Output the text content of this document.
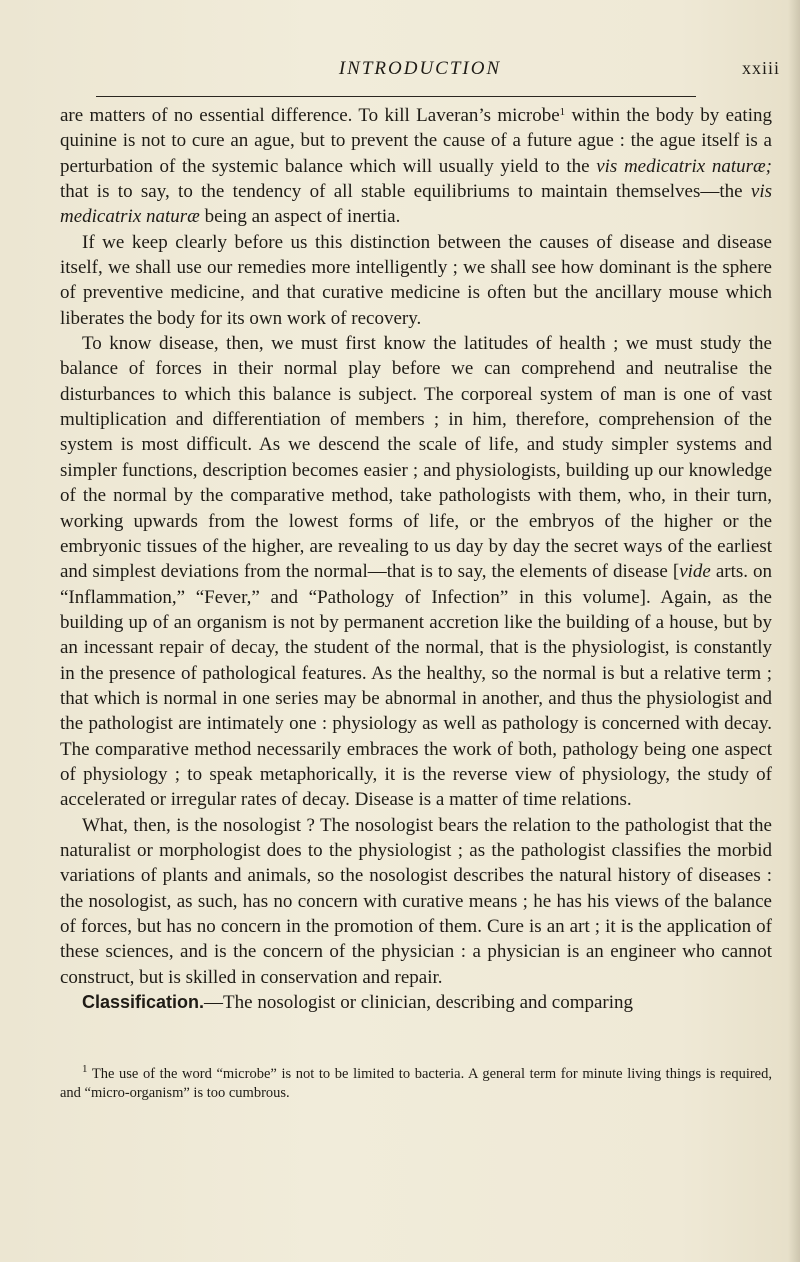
INTRODUCTION	xxiii

are matters of no essential difference. To kill Laveran’s microbe$^1$ within the body by eating quinine is not to cure an ague, but to prevent the cause of a future ague : the ague itself is a perturbation of the systemic balance which will usually yield to the vis medicatrix naturæ; that is to say, to the tendency of all stable equilibriums to maintain themselves—the vis medicatrix naturæ being an aspect of inertia.

If we keep clearly before us this distinction between the causes of disease and disease itself, we shall use our remedies more intelligently ; we shall see how dominant is the sphere of preventive medicine, and that curative medicine is often but the ancillary mouse which liberates the body for its own work of recovery.

To know disease, then, we must first know the latitudes of health ; we must study the balance of forces in their normal play before we can comprehend and neutralise the disturbances to which this balance is subject. The corporeal system of man is one of vast multiplication and differentiation of members ; in him, therefore, comprehension of the system is most difficult. As we descend the scale of life, and study simpler systems and simpler functions, description becomes easier ; and physiologists, building up our knowledge of the normal by the comparative method, take pathologists with them, who, in their turn, working upwards from the lowest forms of life, or the embryos of the higher or the embryonic tissues of the higher, are revealing to us day by day the secret ways of the earliest and simplest deviations from the normal—that is to say, the elements of disease [vide arts. on “Inflammation,” “Fever,” and “Pathology of Infection” in this volume]. Again, as the building up of an organism is not by permanent accretion like the building of a house, but by an incessant repair of decay, the student of the normal, that is the physiologist, is constantly in the presence of pathological features. As the healthy, so the normal is but a relative term ; that which is normal in one series may be abnormal in another, and thus the physiologist and the pathologist are intimately one : physiology as well as pathology is concerned with decay. The comparative method necessarily embraces the work of both, pathology being one aspect of physiology ; to speak metaphorically, it is the reverse view of physiology, the study of accelerated or irregular rates of decay. Disease is a matter of time relations.

What, then, is the nosologist ? The nosologist bears the relation to the pathologist that the naturalist or morphologist does to the physiologist ; as the pathologist classifies the morbid variations of plants and animals, so the nosologist describes the natural history of diseases : the nosologist, as such, has no concern with curative means ; he has his views of the balance of forces, but has no concern in the promotion of them. Cure is an art ; it is the application of these sciences, and is the concern of the physician : a physician is an engineer who cannot construct, but is skilled in conservation and repair.

Classification.—The nosologist or clinician, describing and comparing

$^1$ The use of the word “microbe” is not to be limited to bacteria. A general term for minute living things is required, and “micro-organism” is too cumbrous.
